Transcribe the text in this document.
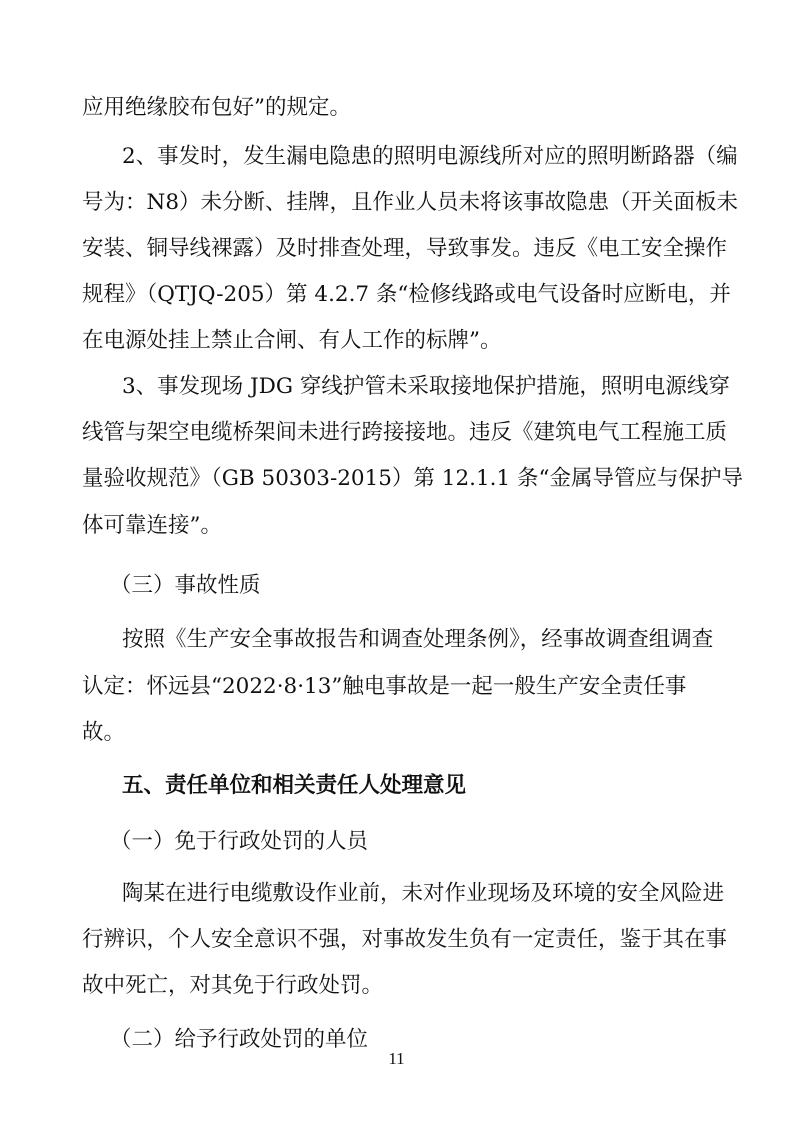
应用绝缘胶布包好”的规定。
2、事发时，发生漏电隐患的照明电源线所对应的照明断路器（编
号为：N8）未分断、挂牌，且作业人员未将该事故隐患（开关面板未
安装、铜导线裸露）及时排查处理，导致事发。违反《电工安全操作
规程》（QTJQ-205）第 4.2.7 条“检修线路或电气设备时应断电，并
在电源处挂上禁止合闸、有人工作的标牌”。
3、事发现场 JDG 穿线护管未采取接地保护措施，照明电源线穿
线管与架空电缆桥架间未进行跨接接地。违反《建筑电气工程施工质
量验收规范》（GB 50303-2015）第 12.1.1 条“金属导管应与保护导
体可靠连接”。
（三）事故性质
按照《生产安全事故报告和调查处理条例》，经事故调查组调查
认定：怀远县“2022·8·13”触电事故是一起一般生产安全责任事
故。
五、责任单位和相关责任人处理意见
（一）免于行政处罚的人员
陶某在进行电缆敷设作业前，未对作业现场及环境的安全风险进
行辨识，个人安全意识不强，对事故发生负有一定责任，鉴于其在事
故中死亡，对其免于行政处罚。
（二）给予行政处罚的单位
11
